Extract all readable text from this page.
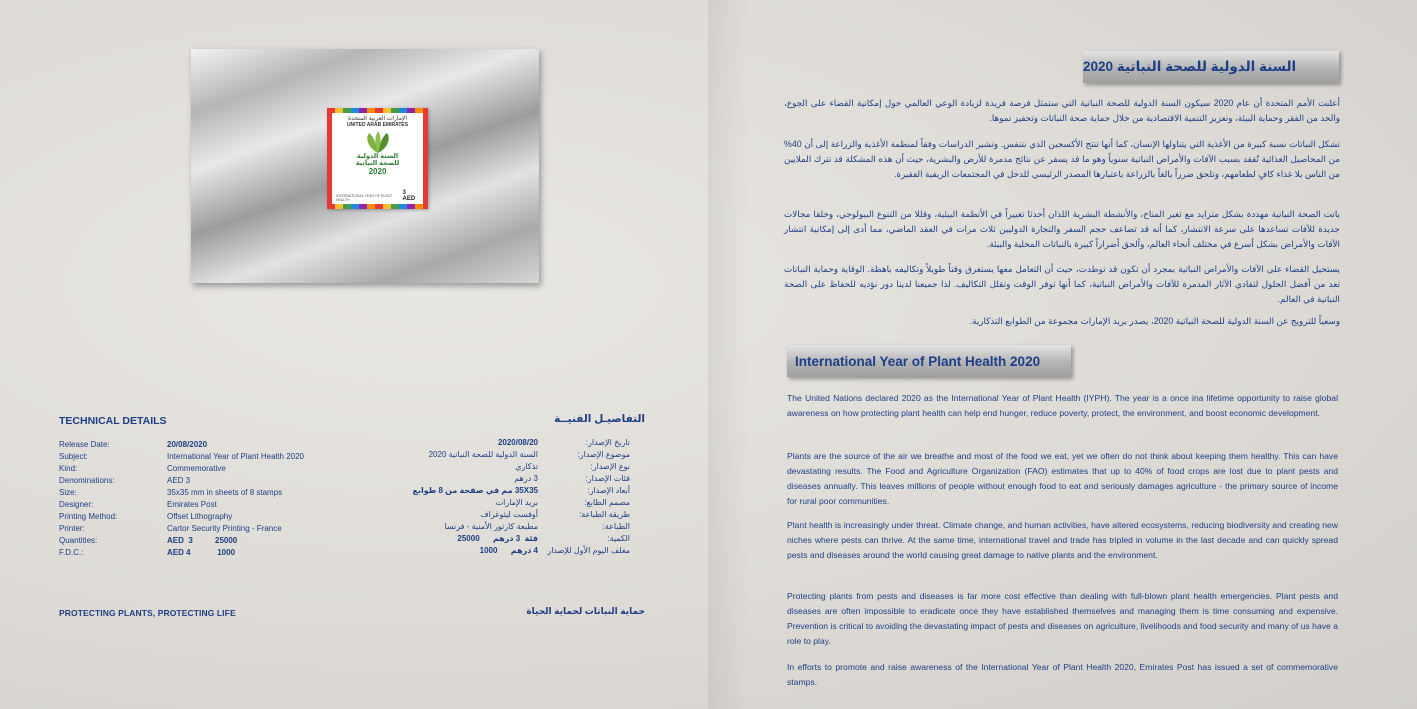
الإمارات العربية المتحدة
UNITED ARAB EMIRATES
السنة الدولية
للصحة النباتية
2020
INTERNATIONAL YEAR OF PLANT HEALTH
3 AED
TECHNICAL DETAILS	التفاصيـل الفنيــة
Release Date:	20/08/2020
Subject:	International Year of Plant Health 2020
Kind:	Commemorative
Denominations:	AED 3
Size:	35x35 mm in sheets of 8 stamps
Designer:	Emirates Post
Printing Method:	Offset Lithography
Printer:	Cartor Security Printing - France
Quantities:	AED  3          25000
F.D.C.:	AED 4            1000
تاريخ الإصدار:
2020/08/20
موضوع الإصدار:
السنة الدولية للصحة النباتية 2020
نوع الإصدار:
تذكاري
فئات الإصدار:
3 درهم
أبعاد الإصدار:
35X35 مم في صفحة من 8 طوابع
مصمم الطابع:
بريد الإمارات
طريقة الطباعة:
أوفست ليثوغراف
الطباعة:
مطبعة كارتور الأمنية - فرنسا
الكمية:
فئة  3 درهم      25000
مغلف اليوم الأول للإصدار
4 درهم      1000
PROTECTING PLANTS, PROTECTING LIFE	حماية النباتات لحماية الحياة
السنة الدولية للصحة النباتية 2020

أعلنت الأمم المتحدة أن عام 2020 سيكون السنة الدولية للصحة النباتية التي ستمثل فرصة فريدة لزيادة الوعي العالمي حول إمكانية القضاء على الجوع، والحد من الفقر وحماية البيئة، وتعزيز التنمية الاقتصادية من خلال حماية صحة النباتات وتحفيز نموها.

تشكل النباتات نسبة كبيرة من الأغذية التي يتناولها الإنسان، كما أنها تنتج الأكسجين الذي نتنفس. وتشير الدراسات وفقاً لمنظمة الأغذية والزراعة إلى أن 40% من المحاصيل الغذائية تُفقد بسبب الآفات والأمراض النباتية سنوياً وهو ما قد يسفر عن نتائج مدمرة للأرض والبشرية، حيث أن هذه المشكلة قد تترك الملايين من الناس بلا غذاء كافٍ لطعامهم، وتلحق ضرراً بالغاً بالزراعة باعتبارها المصدر الرئيسي للدخل في المجتمعات الريفية الفقيرة.

باتت الصحة النباتية مهددة بشكل متزايد مع تغير المناخ، والأنشطة البشرية اللذان أحدثا تغييراً في الأنظمة البيئية، وقللا من التنوع البيولوجي، وخلقا مجالات جديدة للآفات تساعدها على سرعة الانتشار، كما أنه قد تضاعف حجم السفر والتجارة الدوليين ثلاث مرات في العقد الماضي، مما أدى إلى إمكانية انتشار الآفات والأمراض بشكل أسرع في مختلف أنحاء العالم، وألحق أضراراً كبيرة بالنباتات المحلية والبيئة.

يستحيل القضاء على الآفات والأمراض النباتية بمجرد أن تكون قد توطدت، حيث أن التعامل معها يستغرق وقتاً طويلاً وتكاليفه باهظة. الوقاية وحماية النباتات تعد من أفضل الحلول لتفادي الآثار المدمرة للآفات والأمراض النباتية، كما أنها توفر الوقت وتقلل التكاليف. لذا جميعنا لدينا دور نؤديه للحفاظ على الصحة النباتية في العالم.

وسعياً للترويج عن السنة الدولية للصحة النباتية 2020، يصدر بريد الإمارات مجموعة من الطوابع التذكارية.

International Year of Plant Health 2020

The United Nations declared 2020 as the International Year of Plant Health (IYPH). The year is a once ina lifetime opportunity to raise global awareness on how protecting plant health can help end hunger, reduce poverty, protect, the environment, and boost economic development.

Plants are the source of the air we breathe and most of the food we eat, yet we often do not think about keeping them healthy. This can have devastating results. The Food and Agriculture Organization (FAO) estimates that up to 40% of food crops are lost due to plant pests and diseases annually. This leaves millions of people without enough food to eat and seriously damages agriculture - the primary source of income for rural poor communities.

Plant health is increasingly under threat. Climate change, and human activities, have altered ecosystems, reducing biodiversity and creating new niches where pests can thrive. At the same time, international travel and trade has tripled in volume in the last decade and can quickly spread pests and diseases around the world causing great damage to native plants and the environment.

Protecting plants from pests and diseases is far more cost effective than dealing with full-blown plant health emergencies. Plant pests and diseases are often impossible to eradicate once they have established themselves and managing them is time consuming and expensive. Prevention is critical to avoidlng the devastating impact of pests and diseases on agriculture, livelihoods and food security and many of us have a role to play.

In efforts to promote and raise awareness of the International Year of Plant Health 2020, Emirates Post has issued a set of commemorative stamps.
